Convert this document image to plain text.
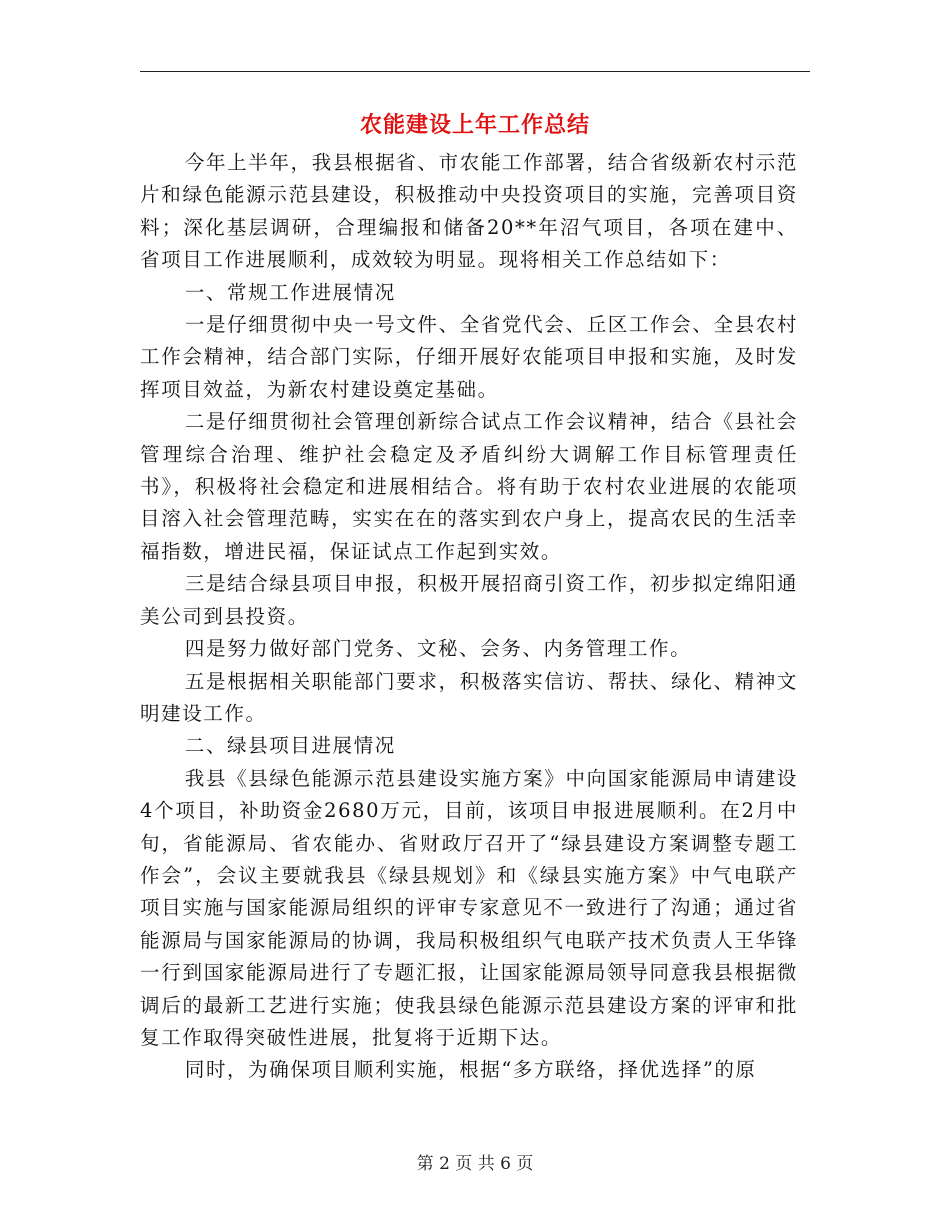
农能建设上年工作总结

今年上半年，我县根据省、市农能工作部署，结合省级新农村示范片和绿色能源示范县建设，积极推动中央投资项目的实施，完善项目资料；深化基层调研，合理编报和储备20**年沼气项目，各项在建中、省项目工作进展顺利，成效较为明显。现将相关工作总结如下：

一、常规工作进展情况

一是仔细贯彻中央一号文件、全省党代会、丘区工作会、全县农村工作会精神，结合部门实际，仔细开展好农能项目申报和实施，及时发挥项目效益，为新农村建设奠定基础。

二是仔细贯彻社会管理创新综合试点工作会议精神，结合《县社会管理综合治理、维护社会稳定及矛盾纠纷大调解工作目标管理责任书》，积极将社会稳定和进展相结合。将有助于农村农业进展的农能项目溶入社会管理范畴，实实在在的落实到农户身上，提高农民的生活幸福指数，增进民福，保证试点工作起到实效。

三是结合绿县项目申报，积极开展招商引资工作，初步拟定绵阳通美公司到县投资。

四是努力做好部门党务、文秘、会务、内务管理工作。

五是根据相关职能部门要求，积极落实信访、帮扶、绿化、精神文明建设工作。

二、绿县项目进展情况

我县《县绿色能源示范县建设实施方案》中向国家能源局申请建设4个项目，补助资金2680万元，目前，该项目申报进展顺利。在2月中旬，省能源局、省农能办、省财政厅召开了“绿县建设方案调整专题工作会”，会议主要就我县《绿县规划》和《绿县实施方案》中气电联产项目实施与国家能源局组织的评审专家意见不一致进行了沟通；通过省能源局与国家能源局的协调，我局积极组织气电联产技术负责人王华锋一行到国家能源局进行了专题汇报，让国家能源局领导同意我县根据微调后的最新工艺进行实施；使我县绿色能源示范县建设方案的评审和批复工作取得突破性进展，批复将于近期下达。

同时，为确保项目顺利实施，根据“多方联络，择优选择”的原

第 2 页 共 6 页
